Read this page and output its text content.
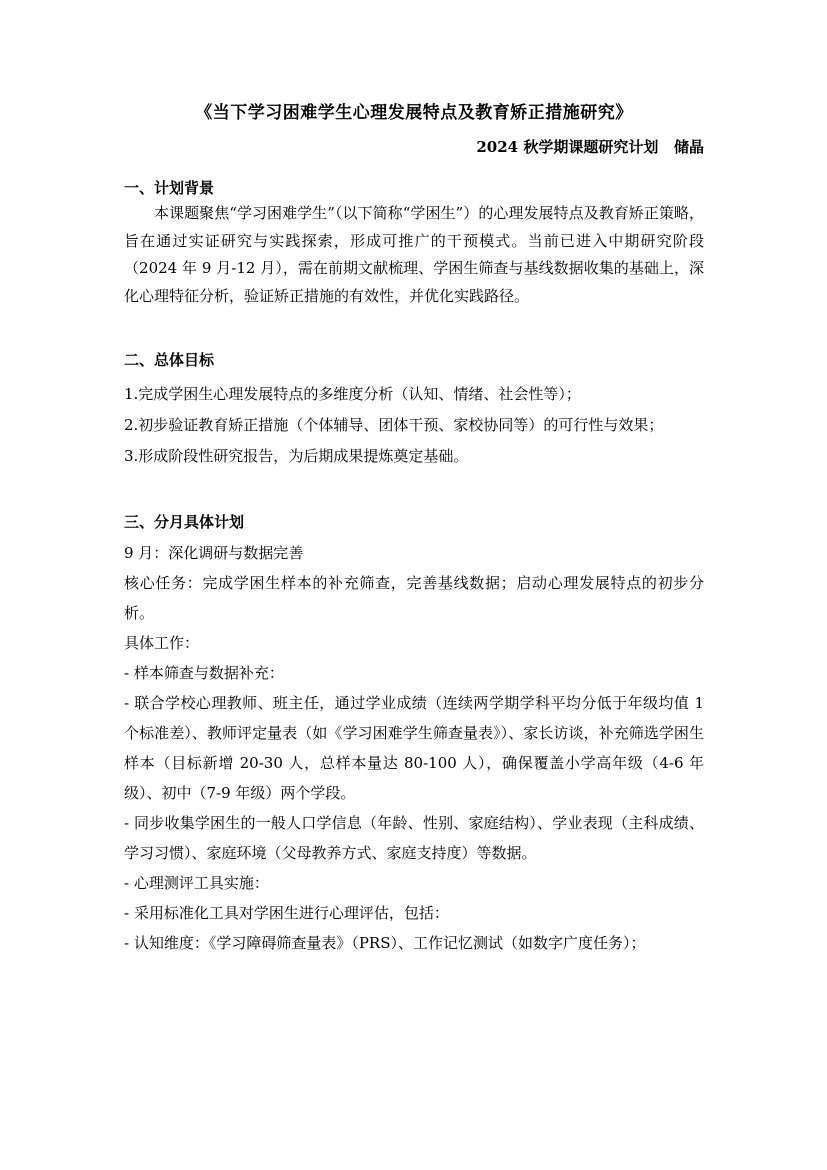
《当下学习困难学生心理发展特点及教育矫正措施研究》
2024 秋学期课题研究计划   储晶
一、计划背景

本课题聚焦“学习困难学生”（以下简称“学困生”）的心理发展特点及教育矫正策略，旨在通过实证研究与实践探索，形成可推广的干预模式。当前已进入中期研究阶段（2024 年 9 月-12 月），需在前期文献梳理、学困生筛查与基线数据收集的基础上，深化心理特征分析，验证矫正措施的有效性，并优化实践路径。

二、总体目标
1.完成学困生心理发展特点的多维度分析（认知、情绪、社会性等）；
2.初步验证教育矫正措施（个体辅导、团体干预、家校协同等）的可行性与效果；
3.形成阶段性研究报告，为后期成果提炼奠定基础。
三、分月具体计划

9 月：深化调研与数据完善

核心任务：完成学困生样本的补充筛查，完善基线数据；启动心理发展特点的初步分析。

具体工作：

- 样本筛查与数据补充：

- 联合学校心理教师、班主任，通过学业成绩（连续两学期学科平均分低于年级均值 1 个标准差）、教师评定量表（如《学习困难学生筛查量表》）、家长访谈，补充筛选学困生样本（目标新增 20-30 人，总样本量达 80-100 人），确保覆盖小学高年级（4-6 年级）、初中（7-9 年级）两个学段。

- 同步收集学困生的一般人口学信息（年龄、性别、家庭结构）、学业表现（主科成绩、学习习惯）、家庭环境（父母教养方式、家庭支持度）等数据。

- 心理测评工具实施：

- 采用标准化工具对学困生进行心理评估，包括：

- 认知维度：《学习障碍筛查量表》（PRS）、工作记忆测试（如数字广度任务）；
